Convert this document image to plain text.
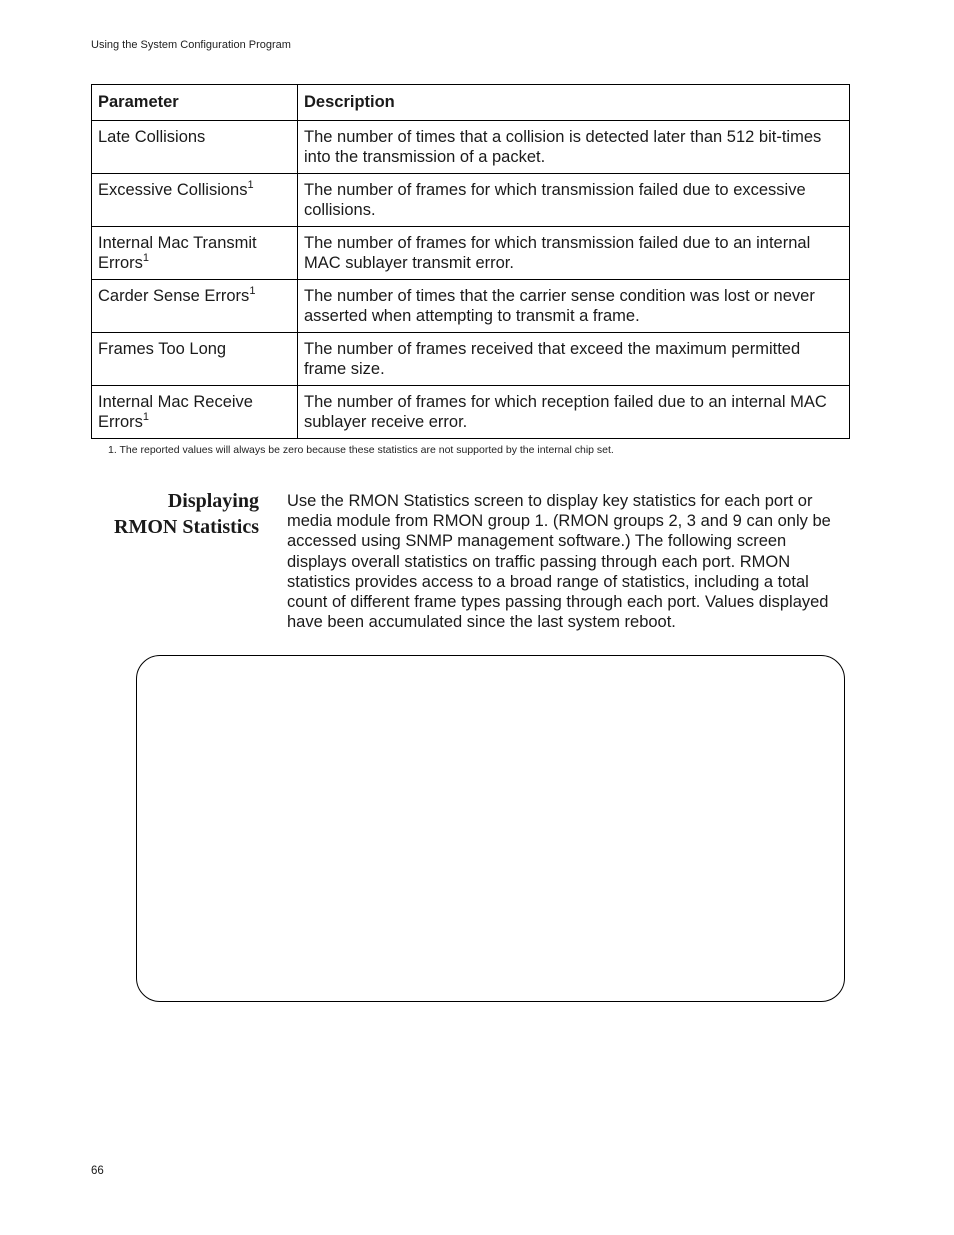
Using the System Configuration Program
Parameter	Description
Late Collisions	The number of times that a collision is detected later than 512 bit-times into the transmission of a packet.
Excessive Collisions$^1$	The number of frames for which transmission failed due to excessive collisions.
Internal Mac Transmit Errors$^1$	The number of frames for which transmission failed due to an internal MAC sublayer transmit error.
Carder Sense Errors$^1$	The number of times that the carrier sense condition was lost or never asserted when attempting to transmit a frame.
Frames Too Long	The number of frames received that exceed the maximum permitted frame size.
Internal Mac Receive Errors$^1$	The number of frames for which reception failed due to an internal MAC sublayer receive error.
1. The reported values will always be zero because these statistics are not supported by the internal chip set.
Displaying
RMON Statistics
Use the RMON Statistics screen to display key statistics for each port or media module from RMON group 1. (RMON groups 2, 3 and 9 can only be accessed using SNMP management software.) The following screen displays overall statistics on traffic passing through each port. RMON statistics provides access to a broad range of statistics, including a total count of different frame types passing through each port. Values displayed have been accumulated since the last system reboot.
66
